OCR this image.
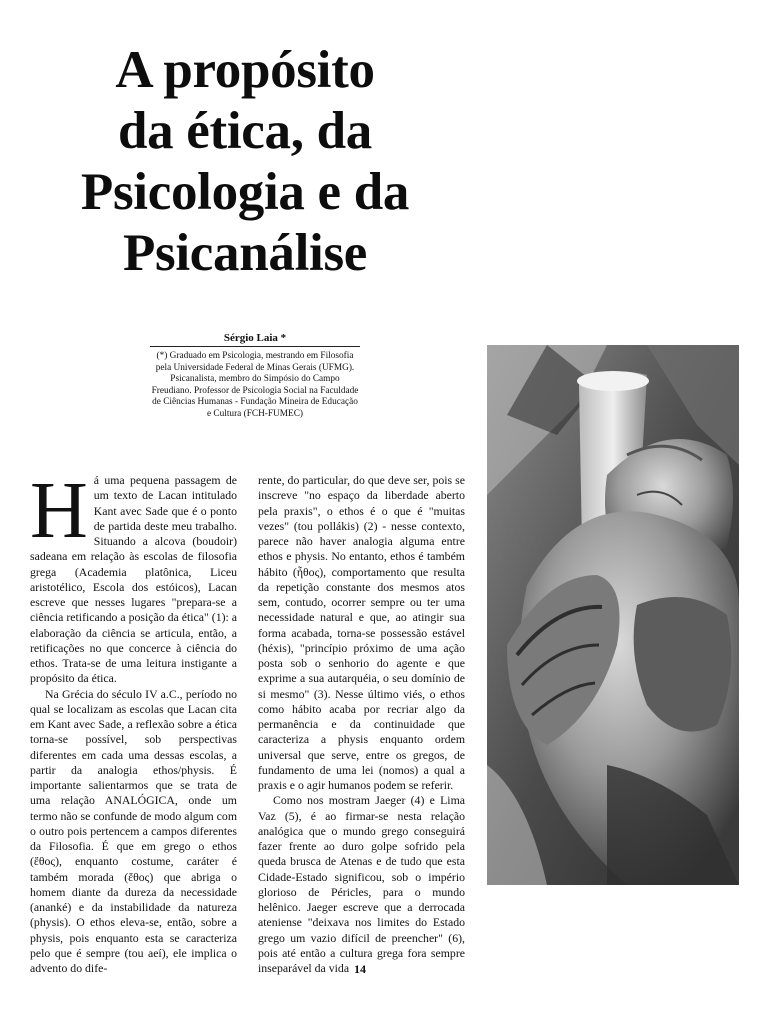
A propósito
da ética, da
Psicologia e da
Psicanálise

Sérgio Laia *

(*) Graduado em Psicologia, mestrando em Filosofia pela Universidade Federal de Minas Gerais (UFMG). Psicanalista, membro do Simpósio do Campo Freudiano. Professor de Psicologia Social na Faculdade de Ciências Humanas - Fundação Mineira de Educação e Cultura (FCH-FUMEC)

Há uma pequena passagem de um texto de Lacan intitulado Kant avec Sade que é o ponto de partida deste meu trabalho. Situando a alcova (boudoir) sadeana em relação às escolas de filosofia grega (Academia platônica, Liceu aristotélico, Escola dos estóicos), Lacan escreve que nesses lugares "prepara-se a ciência retificando a posição da ética" (1): a elaboração da ciência se articula, então, a retificações no que concerce à ciência do ethos. Trata-se de uma leitura instigante a propósito da ética.

Na Grécia do século IV a.C., período no qual se localizam as escolas que Lacan cita em Kant avec Sade, a reflexão sobre a ética torna-se possível, sob perspectivas diferentes em cada uma dessas escolas, a partir da analogia ethos/physis. É importante salientarmos que se trata de uma relação ANALÓGICA, onde um termo não se confunde de modo algum com o outro pois pertencem a campos diferentes da Filosofia. É que em grego o ethos (ἔθος), enquanto costume, caráter é também morada (ἔθος) que abriga o homem diante da dureza da necessidade (ananké) e da instabilidade da natureza (physis). O ethos eleva-se, então, sobre a physis, pois enquanto esta se caracteriza pelo que é sempre (tou aeí), ele implica o advento do dife-

rente, do particular, do que deve ser, pois se inscreve "no espaço da liberdade aberto pela praxis", o ethos é o que é "muitas vezes" (tou pollákis) (2) - nesse contexto, parece não haver analogia alguma entre ethos e physis. No entanto, ethos é também hábito (ἦθος), comportamento que resulta da repetição constante dos mesmos atos sem, contudo, ocorrer sempre ou ter uma necessidade natural e que, ao atingir sua forma acabada, torna-se possessão estável (héxis), "princípio próximo de uma ação posta sob o senhorio do agente e que exprime a sua autarquéia, o seu domínio de si mesmo" (3). Nesse último viés, o ethos como hábito acaba por recriar algo da permanência e da continuidade que caracteriza a physis enquanto ordem universal que serve, entre os gregos, de fundamento de uma lei (nomos) a qual a praxis e o agir humanos podem se referir.

Como nos mostram Jaeger (4) e Lima Vaz (5), é ao firmar-se nesta relação analógica que o mundo grego conseguirá fazer frente ao duro golpe sofrido pela queda brusca de Atenas e de tudo que esta Cidade-Estado significou, sob o império glorioso de Péricles, para o mundo helênico. Jaeger escreve que a derrocada ateniense "deixava nos limites do Estado grego um vazio difícil de preencher" (6), pois até então a cultura grega fora sempre inseparável da vida 14
